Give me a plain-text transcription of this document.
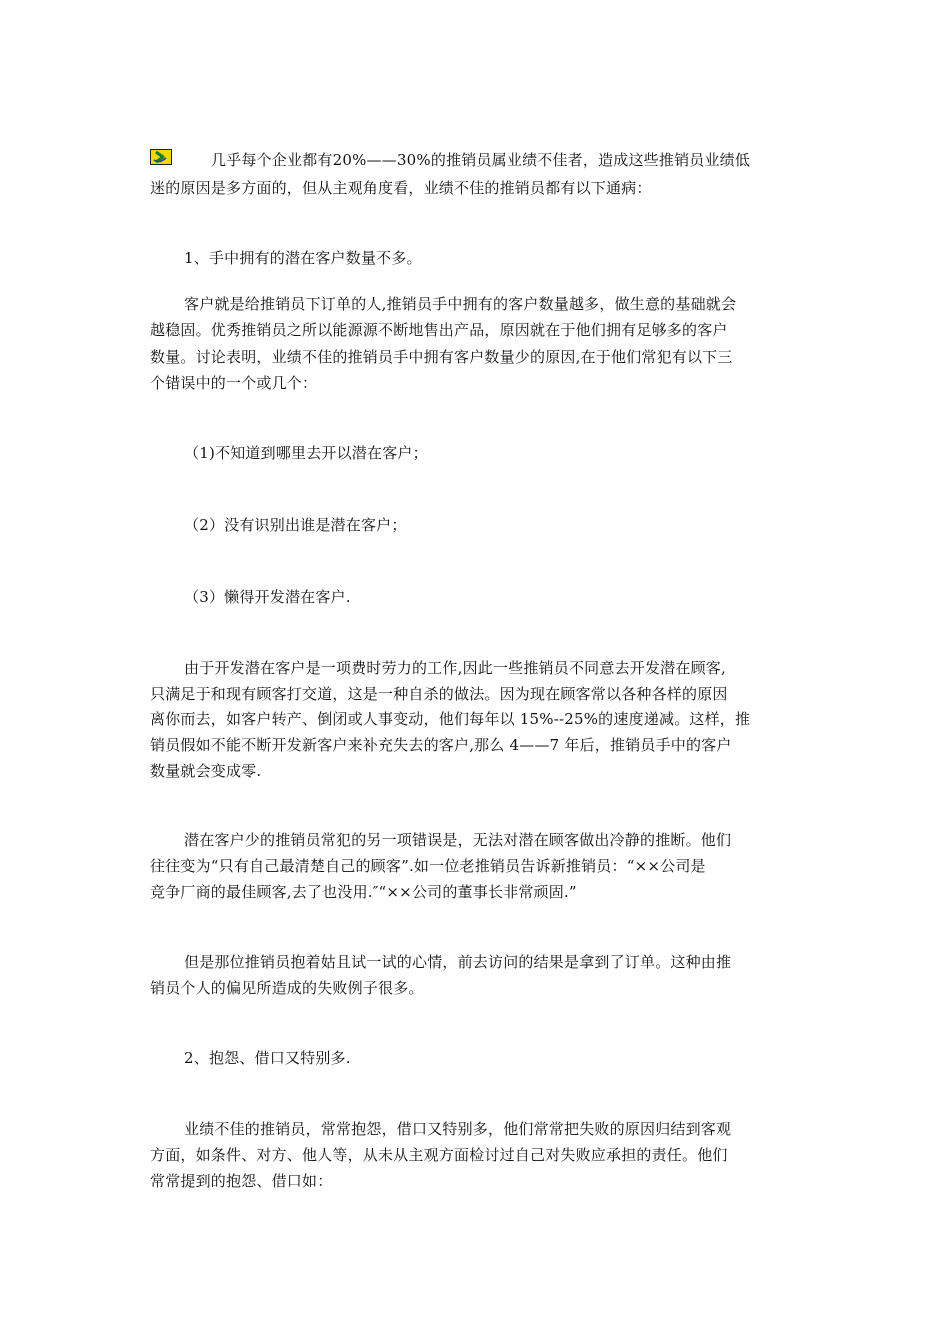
几乎每个企业都有20%——30%的推销员属业绩不佳者，造成这些推销员业绩低
迷的原因是多方面的，但从主观角度看，业绩不佳的推销员都有以下通病：
1、手中拥有的潜在客户数量不多。
客户就是给推销员下订单的人,推销员手中拥有的客户数量越多，做生意的基础就会
越稳固。优秀推销员之所以能源源不断地售出产品，原因就在于他们拥有足够多的客户
数量。讨论表明，业绩不佳的推销员手中拥有客户数量少的原因,在于他们常犯有以下三
个错误中的一个或几个：
（1)不知道到哪里去开以潜在客户；
（2）没有识别出谁是潜在客户；
（3）懒得开发潜在客户.
由于开发潜在客户是一项费时劳力的工作,因此一些推销员不同意去开发潜在顾客,
只满足于和现有顾客打交道，这是一种自杀的做法。因为现在顾客常以各种各样的原因
离你而去，如客户转产、倒闭或人事变动，他们每年以 15%--25%的速度递减。这样，推
销员假如不能不断开发新客户来补充失去的客户,那么 4——7 年后，推销员手中的客户
数量就会变成零.
潜在客户少的推销员常犯的另一项错误是，无法对潜在顾客做出冷静的推断。他们
往往变为“只有自己最清楚自己的顾客”.如一位老推销员告诉新推销员：“××公司是
竞争厂商的最佳顾客,去了也没用.″“××公司的董事长非常顽固.”
但是那位推销员抱着姑且试一试的心情，前去访问的结果是拿到了订单。这种由推
销员个人的偏见所造成的失败例子很多。
2、抱怨、借口又特别多.
业绩不佳的推销员，常常抱怨，借口又特别多，他们常常把失败的原因归结到客观
方面，如条件、对方、他人等，从未从主观方面检讨过自己对失败应承担的责任。他们
常常提到的抱怨、借口如：
